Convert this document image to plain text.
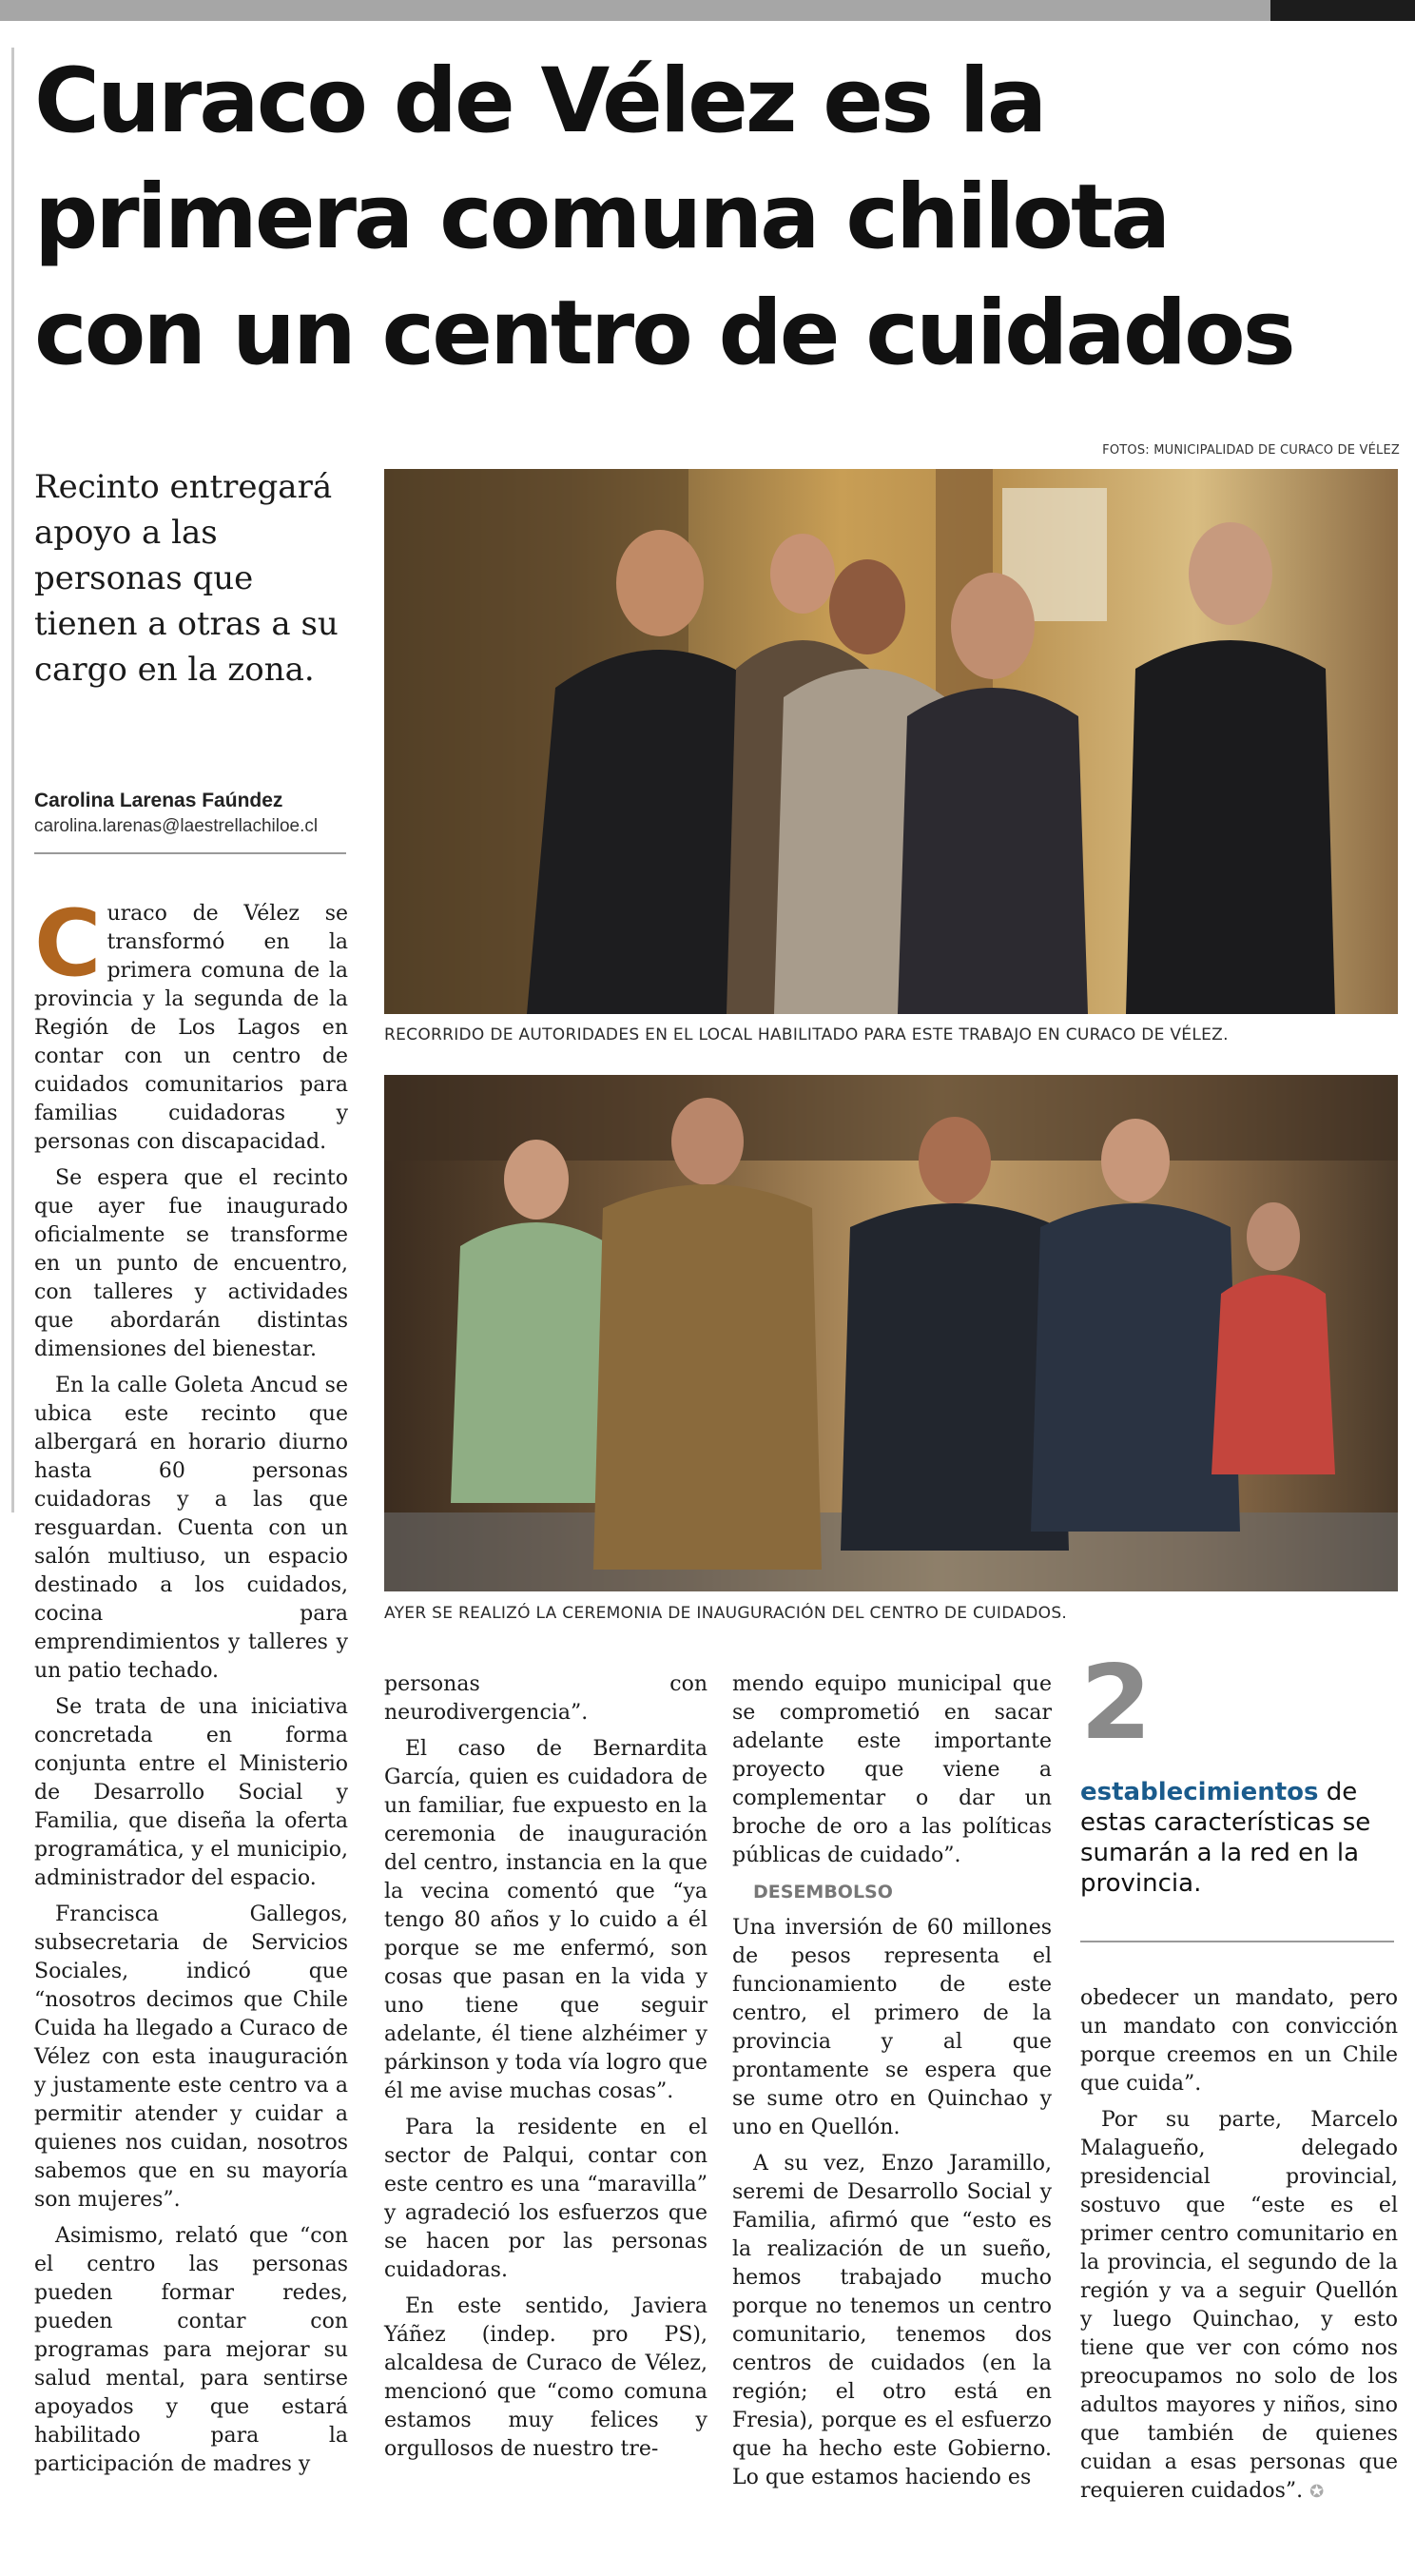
Curaco de Vélez es la
primera comuna chilota
con un centro de cuidados
FOTOS: MUNICIPALIDAD DE CURACO DE VÉLEZ

Recinto entregará apoyo a las personas que tienen a otras a su cargo en la zona.

Carolina Larenas Faúndez
carolina.larenas@laestrellachiloe.cl
RECORRIDO DE AUTORIDADES EN EL LOCAL HABILITADO PARA ESTE TRABAJO EN CURACO DE VÉLEZ.
AYER SE REALIZÓ LA CEREMONIA DE INAUGURACIÓN DEL CENTRO DE CUIDADOS.

Curaco de Vélez se transformó en la primera comuna de la provincia y la segunda de la Región de Los Lagos en contar con un centro de cuidados comunitarios para familias cuidadoras y personas con discapacidad.

Se espera que el recinto que ayer fue inaugurado oficialmente se transforme en un punto de encuentro, con talleres y actividades que abordarán distintas dimensiones del bienestar.

En la calle Goleta Ancud se ubica este recinto que albergará en horario diurno hasta 60 personas cuidadoras y a las que resguardan. Cuenta con un salón multiuso, un espacio destinado a los cuidados, cocina para emprendimientos y talleres y un patio techado.

Se trata de una iniciativa concretada en forma conjunta entre el Ministerio de Desarrollo Social y Familia, que diseña la oferta programática, y el municipio, administrador del espacio.

Francisca Gallegos, subsecretaria de Servicios Sociales, indicó que “nosotros decimos que Chile Cuida ha llegado a Curaco de Vélez con esta inauguración y justamente este centro va a permitir atender y cuidar a quienes nos cuidan, nosotros sabemos que en su mayoría son mujeres”.

Asimismo, relató que “con el centro las personas pueden formar redes, pueden contar con programas para mejorar su salud mental, para sentirse apoyados y que estará habilitado para la participación de madres y

personas con neurodivergencia”.

El caso de Bernardita García, quien es cuidadora de un familiar, fue expuesto en la ceremonia de inauguración del centro, instancia en la que la vecina comentó que “ya tengo 80 años y lo cuido a él porque se me enfermó, son cosas que pasan en la vida y uno tiene que seguir adelante, él tiene alzhéimer y párkinson y toda vía logro que él me avise muchas cosas”.

Para la residente en el sector de Palqui, contar con este centro es una “maravilla” y agradeció los esfuerzos que se hacen por las personas cuidadoras.

En este sentido, Javiera Yáñez (indep. pro PS), alcaldesa de Curaco de Vélez, mencionó que “como comuna estamos muy felices y orgullosos de nuestro tre-

mendo equipo municipal que se comprometió en sacar adelante este importante proyecto que viene a complementar o dar un broche de oro a las políticas públicas de cuidado”.

DESEMBOLSO

Una inversión de 60 millones de pesos representa el funcionamiento de este centro, el primero de la provincia y al que prontamente se espera que se sume otro en Quinchao y uno en Quellón.

A su vez, Enzo Jaramillo, seremi de Desarrollo Social y Familia, afirmó que “esto es la realización de un sueño, hemos trabajado mucho porque no tenemos un centro comunitario, tenemos dos centros de cuidados (en la región; el otro está en Fresia), porque es el esfuerzo que ha hecho este Gobierno. Lo que estamos haciendo es

2
establecimientos de estas características se sumarán a la red en la provincia.

obedecer un mandato, pero un mandato con convicción porque creemos en un Chile que cuida”.

Por su parte, Marcelo Malagueño, delegado presidencial provincial, sostuvo que “este es el primer centro comunitario en la provincia, el segundo de la región y va a seguir Quellón y luego Quinchao, y esto tiene que ver con cómo nos preocupamos no solo de los adultos mayores y niños, sino que también de quienes cuidan a esas personas que requieren cuidados”. ✪
